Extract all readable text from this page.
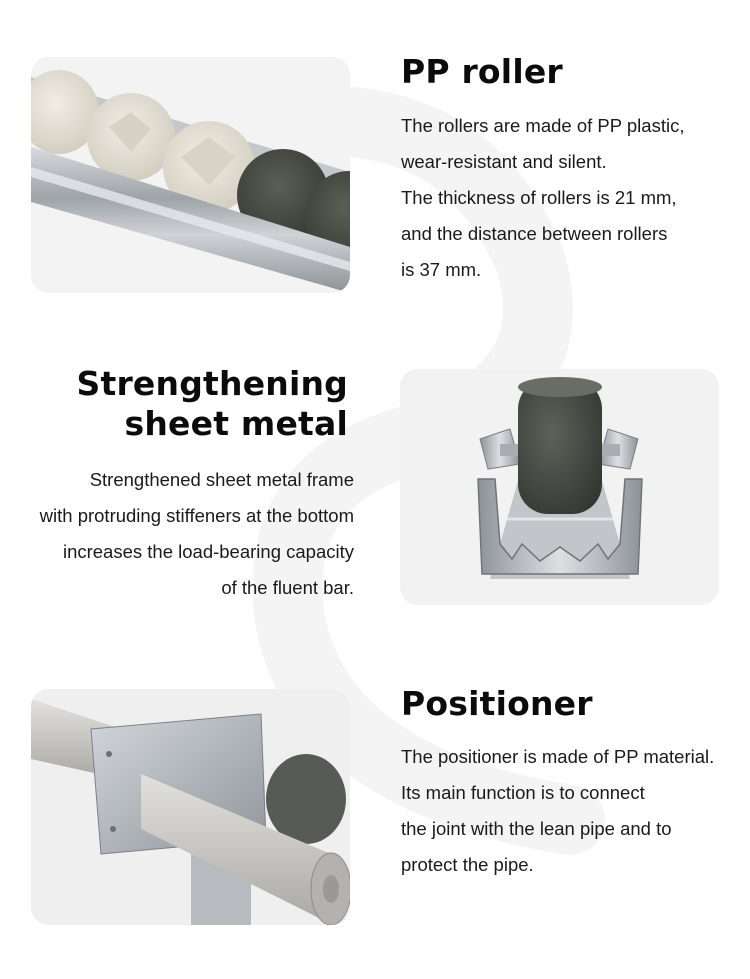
PP roller
The rollers are made of PP plastic,
wear-resistant and silent.
The thickness of rollers is 21 mm,
and the distance between rollers
is 37 mm.
Strengthening
sheet metal
Strengthened sheet metal frame
with protruding stiffeners at the bottom
increases the load-bearing capacity
of the fluent bar.
Positioner
The positioner is made of PP material.
Its main function is to connect
the joint with the lean pipe and to
protect the pipe.
